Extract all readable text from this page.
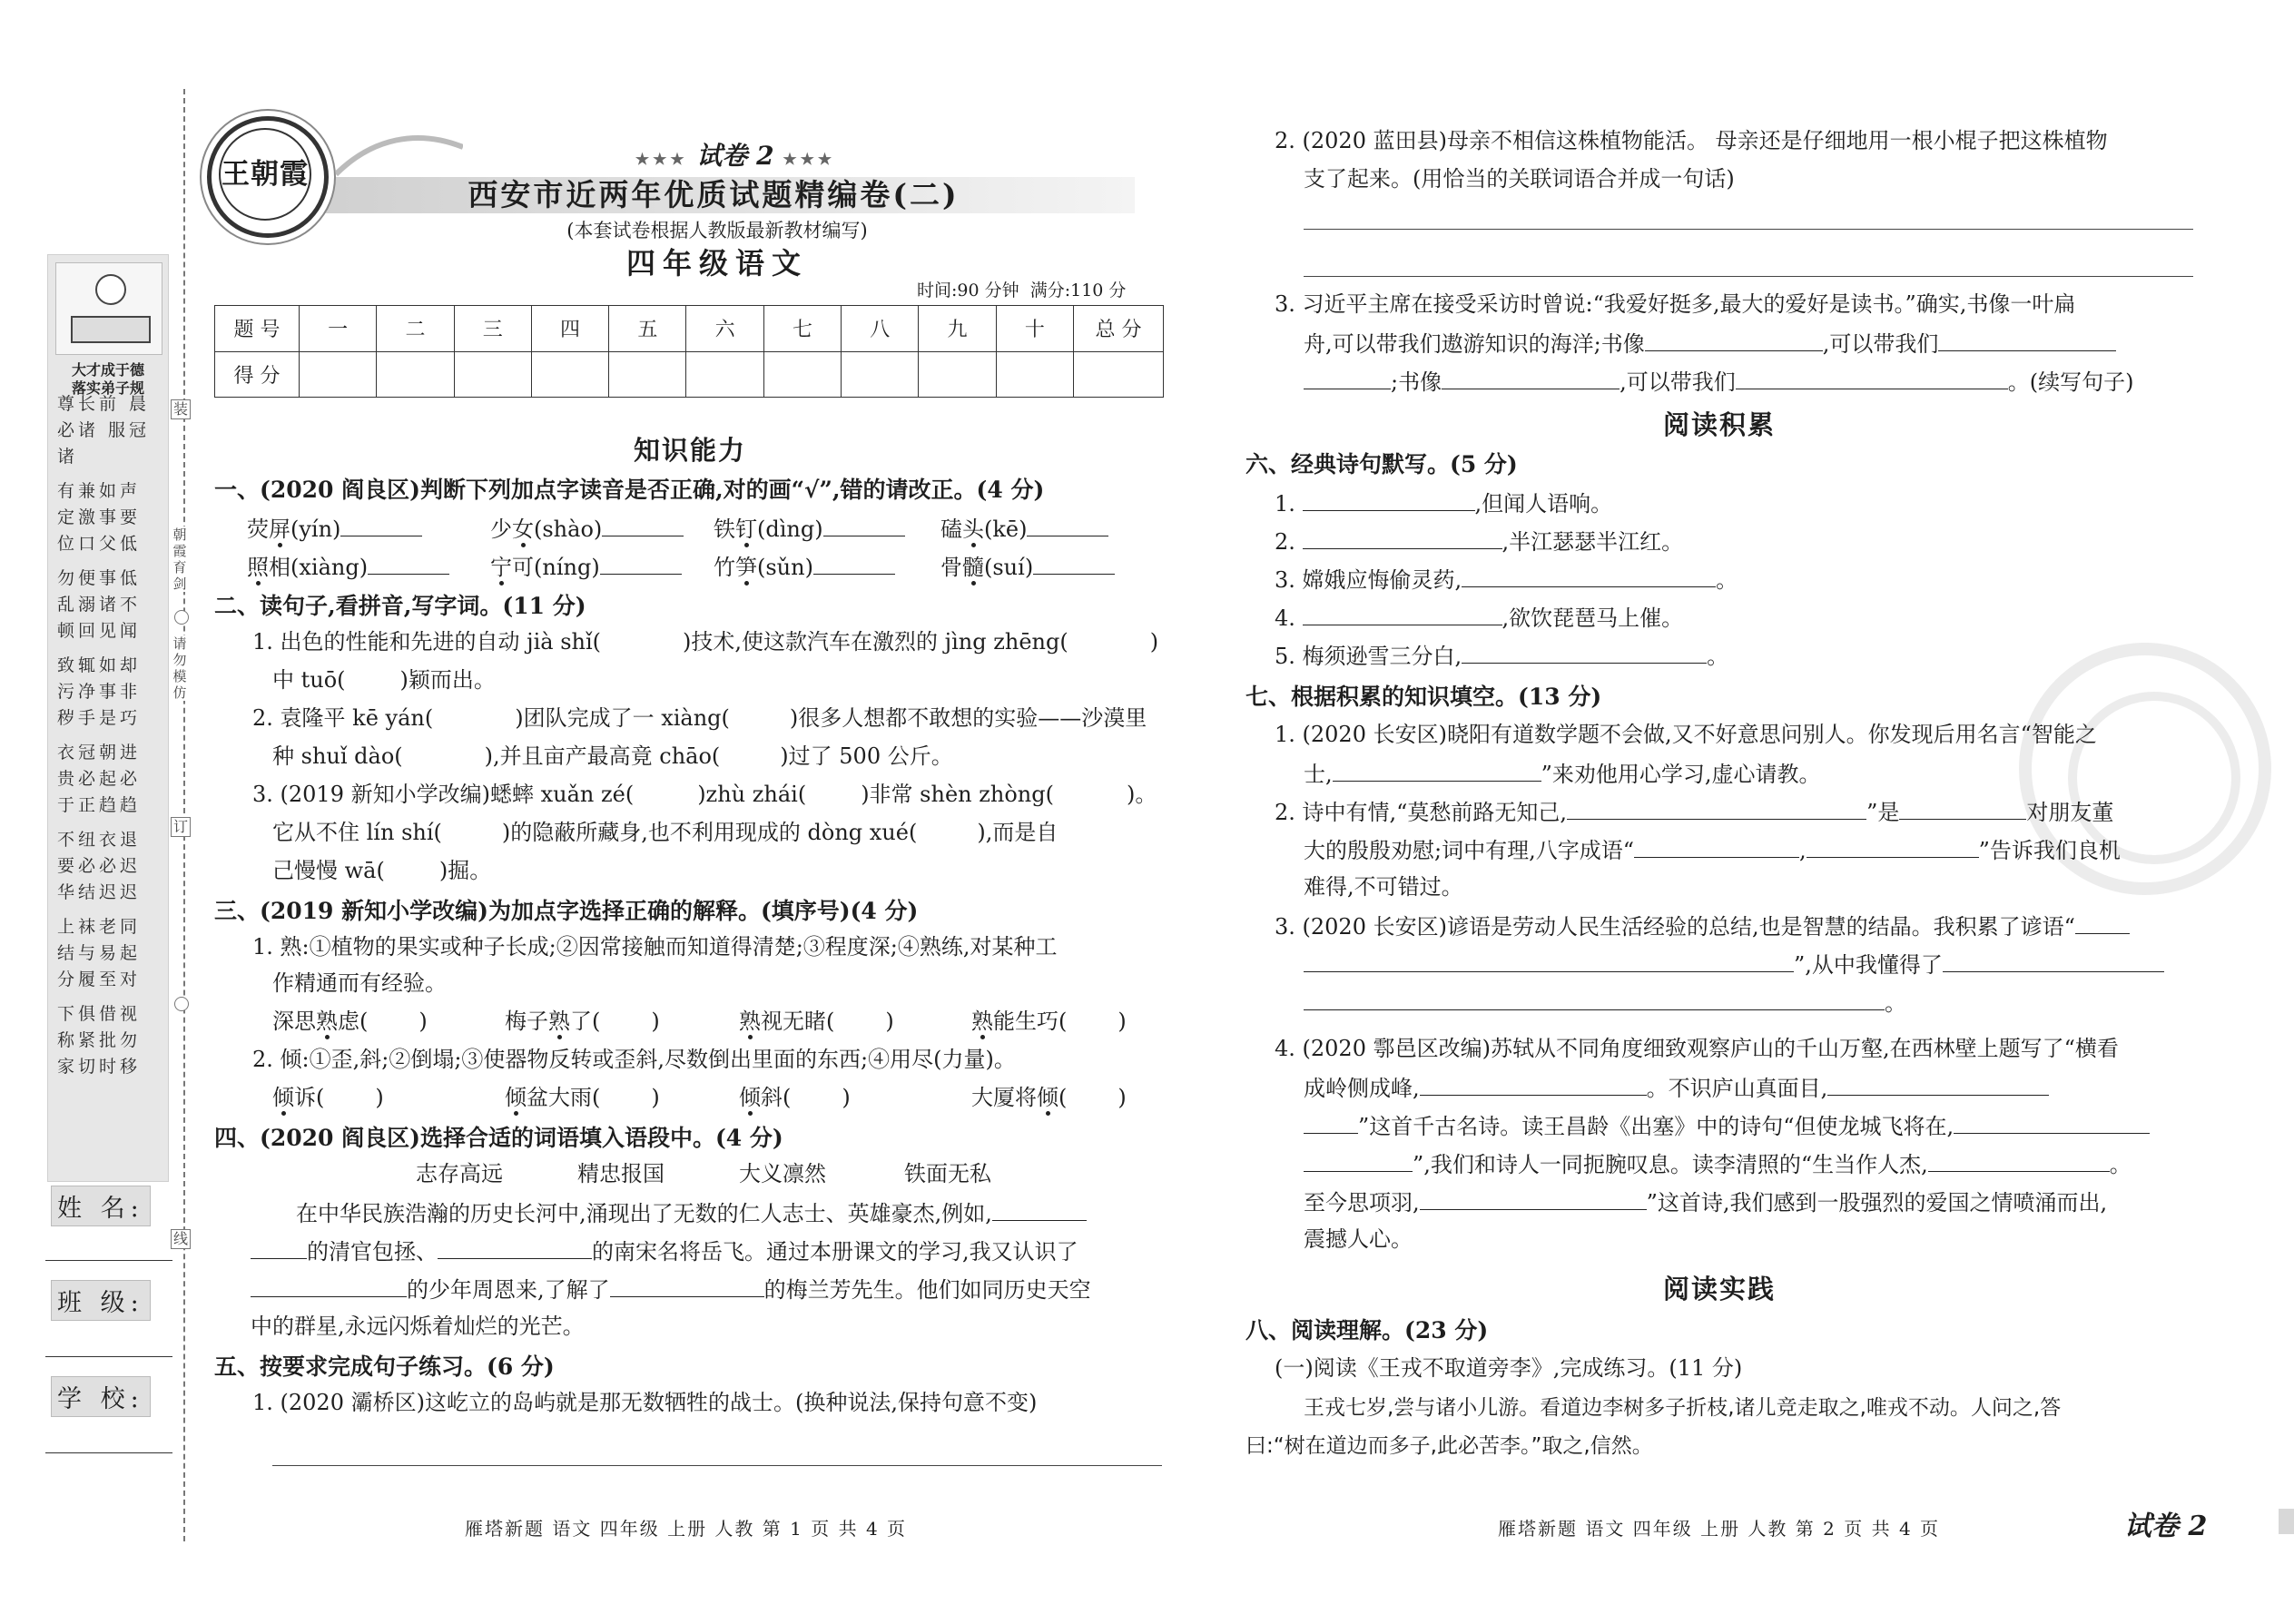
大才成于德
落实弟子规
尊长前 晨必诸 服冠诸
有兼如声 定激事要 位口父低
勿便事低 乱溺诸不 顿回见闻
致辄如却 污净事非 秽手是巧
衣冠朝进 贵必起必 于正趋趋
不纽衣退 要必必迟 华结迟迟
上袜老同 结与易起 分履至对
下俱借视 称紧批勿 家切时移
装
朝霞育剑
请勿模仿
订
线
姓 名:
班 级:
学 校:
王朝霞	★★★ 试卷 2 ★★★
西安市近两年优质试题精编卷(二)
(本套试卷根据人教版最新教材编写)
四年级语文
时间:90 分钟 满分:110 分
题 号	一	二	三	四	五	六	七	八	九	十	总 分
得 分											
知识能力
一、(2020 阎良区)判断下列加点字读音是否正确,对的画“√”,错的请改正。(4 分)
荧屏(yín)	少女(shào)	铁钉(dìng)	磕头(kē)
照相(xiàng)	宁可(níng)	竹笋(sǔn)	骨髓(suí)
二、读句子,看拼音,写字词。(11 分)
1. 出色的性能和先进的自动 jià shǐ(	)技术,使这款汽车在激烈的 jìng zhēng(	)
中 tuō(	)颖而出。
2. 袁隆平 kē yán(	)团队完成了一 xiàng(	)很多人想都不敢想的实验——沙漠里
种 shuǐ dào(	),并且亩产最高竟 chāo(	)过了 500 公斤。
3. (2019 新知小学改编)蟋蟀 xuǎn zé(	)zhù zhái(	)非常 shèn zhòng(	)。
它从不住 lín shí(	)的隐蔽所藏身,也不利用现成的 dòng xué(	),而是自
己慢慢 wā(	)掘。
三、(2019 新知小学改编)为加点字选择正确的解释。(填序号)(4 分)
1. 熟:①植物的果实或种子长成;②因常接触而知道得清楚;③程度深;④熟练,对某种工
作精通而有经验。
深思熟虑( )	梅子熟了( )	熟视无睹( )	熟能生巧( )
2. 倾:①歪,斜;②倒塌;③使器物反转或歪斜,尽数倒出里面的东西;④用尽(力量)。
倾诉( )	倾盆大雨( )	倾斜( )	大厦将倾( )
四、(2020 阎良区)选择合适的词语填入语段中。(4 分)
志存高远	精忠报国	大义凛然	铁面无私
在中华民族浩瀚的历史长河中,涌现出了无数的仁人志士、英雄豪杰,例如,
的清官包拯、	的南宋名将岳飞。通过本册课文的学习,我又认识了
的少年周恩来,了解了	的梅兰芳先生。他们如同历史天空
中的群星,永远闪烁着灿烂的光芒。
五、按要求完成句子练习。(6 分)
1. (2020 灞桥区)这屹立的岛屿就是那无数牺牲的战士。(换种说法,保持句意不变)
雁塔新题 语文 四年级 上册 人教 第 1 页 共 4 页
2. (2020 蓝田县)母亲不相信这株植物能活。 母亲还是仔细地用一根小棍子把这株植物
支了起来。(用恰当的关联词语合并成一句话)
3. 习近平主席在接受采访时曾说:“我爱好挺多,最大的爱好是读书。”确实,书像一叶扁
舟,可以带我们遨游知识的海洋;书像	,可以带我们
;书像	,可以带我们	。(续写句子)
阅读积累
六、经典诗句默写。(5 分)
1.	,但闻人语响。
2.	,半江瑟瑟半江红。
3. 嫦娥应悔偷灵药,	。
4.	,欲饮琵琶马上催。
5. 梅须逊雪三分白,	。
七、根据积累的知识填空。(13 分)
1. (2020 长安区)晓阳有道数学题不会做,又不好意思问别人。你发现后用名言“智能之
士,	”来劝他用心学习,虚心请教。
2. 诗中有情,“莫愁前路无知己,	”是	对朋友董
大的殷殷劝慰;词中有理,八字成语“	,	”告诉我们良机
难得,不可错过。
3. (2020 长安区)谚语是劳动人民生活经验的总结,也是智慧的结晶。我积累了谚语“
”,从中我懂得了
。
4. (2020 鄠邑区改编)苏轼从不同角度细致观察庐山的千山万壑,在西林壁上题写了“横看
成岭侧成峰,	。不识庐山真面目,
”这首千古名诗。读王昌龄《出塞》中的诗句“但使龙城飞将在,
”,我们和诗人一同扼腕叹息。读李清照的“生当作人杰,	。
至今思项羽,	”这首诗,我们感到一股强烈的爱国之情喷涌而出,
震撼人心。
阅读实践
八、阅读理解。(23 分)
(一)阅读《王戎不取道旁李》,完成练习。(11 分)
王戎七岁,尝与诸小儿游。看道边李树多子折枝,诸儿竞走取之,唯戎不动。人问之,答
曰:“树在道边而多子,此必苦李。”取之,信然。
雁塔新题 语文 四年级 上册 人教 第 2 页 共 4 页	试卷 2
